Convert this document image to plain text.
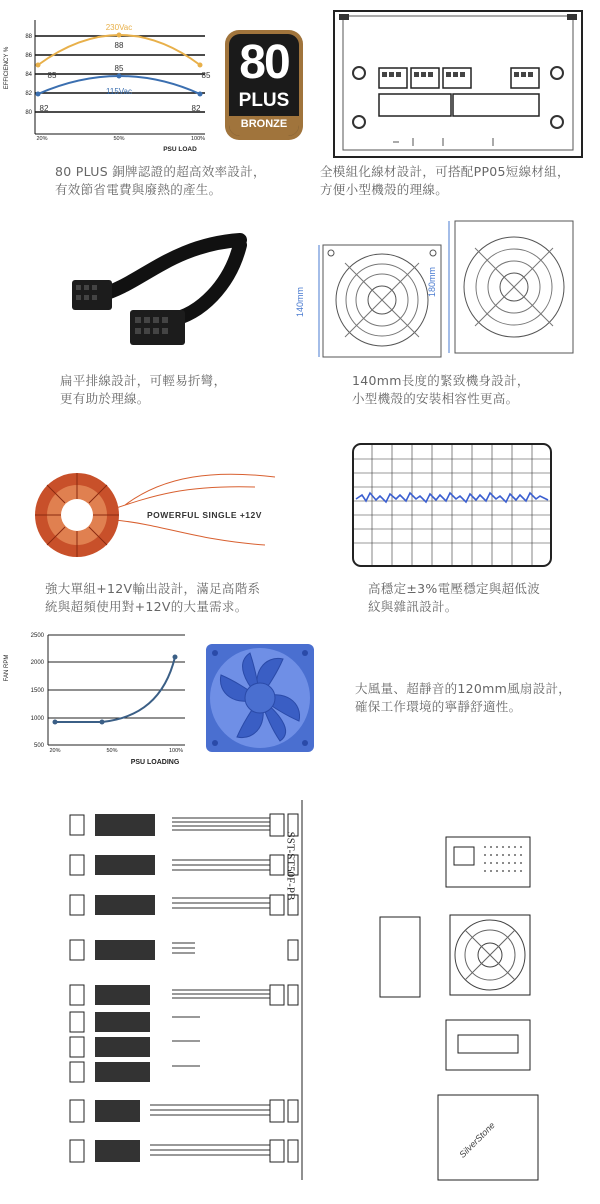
EFFICIENCY %
88
86
84
82
80
230Vac
115Vac
88
85
85	85
82	82
20%	50%	100%
PSU LOAD
80
PLUS
BRONZE
80 PLUS 銅牌認證的超高效率設計，
有效節省電費與廢熱的產生。
全模組化線材設計，可搭配PP05短線材組，
方便小型機殼的理線。
140mm
180mm
扁平排線設計，可輕易折彎，
更有助於理線。
140mm長度的緊致機身設計，
小型機殼的安裝相容性更高。
POWERFUL SINGLE +12V
強大單組+12V輸出設計，滿足高階系
統與超頻使用對+12V的大量需求。
高穩定±3%電壓穩定與超低波
紋與雜訊設計。
FAN RPM
2500
2000
1500
1000
500
20%	50%	100%
PSU LOADING
大風量、超靜音的120mm風扇設計，
確保工作環境的寧靜舒適性。
SST-ST50F-PB
SilverStone
